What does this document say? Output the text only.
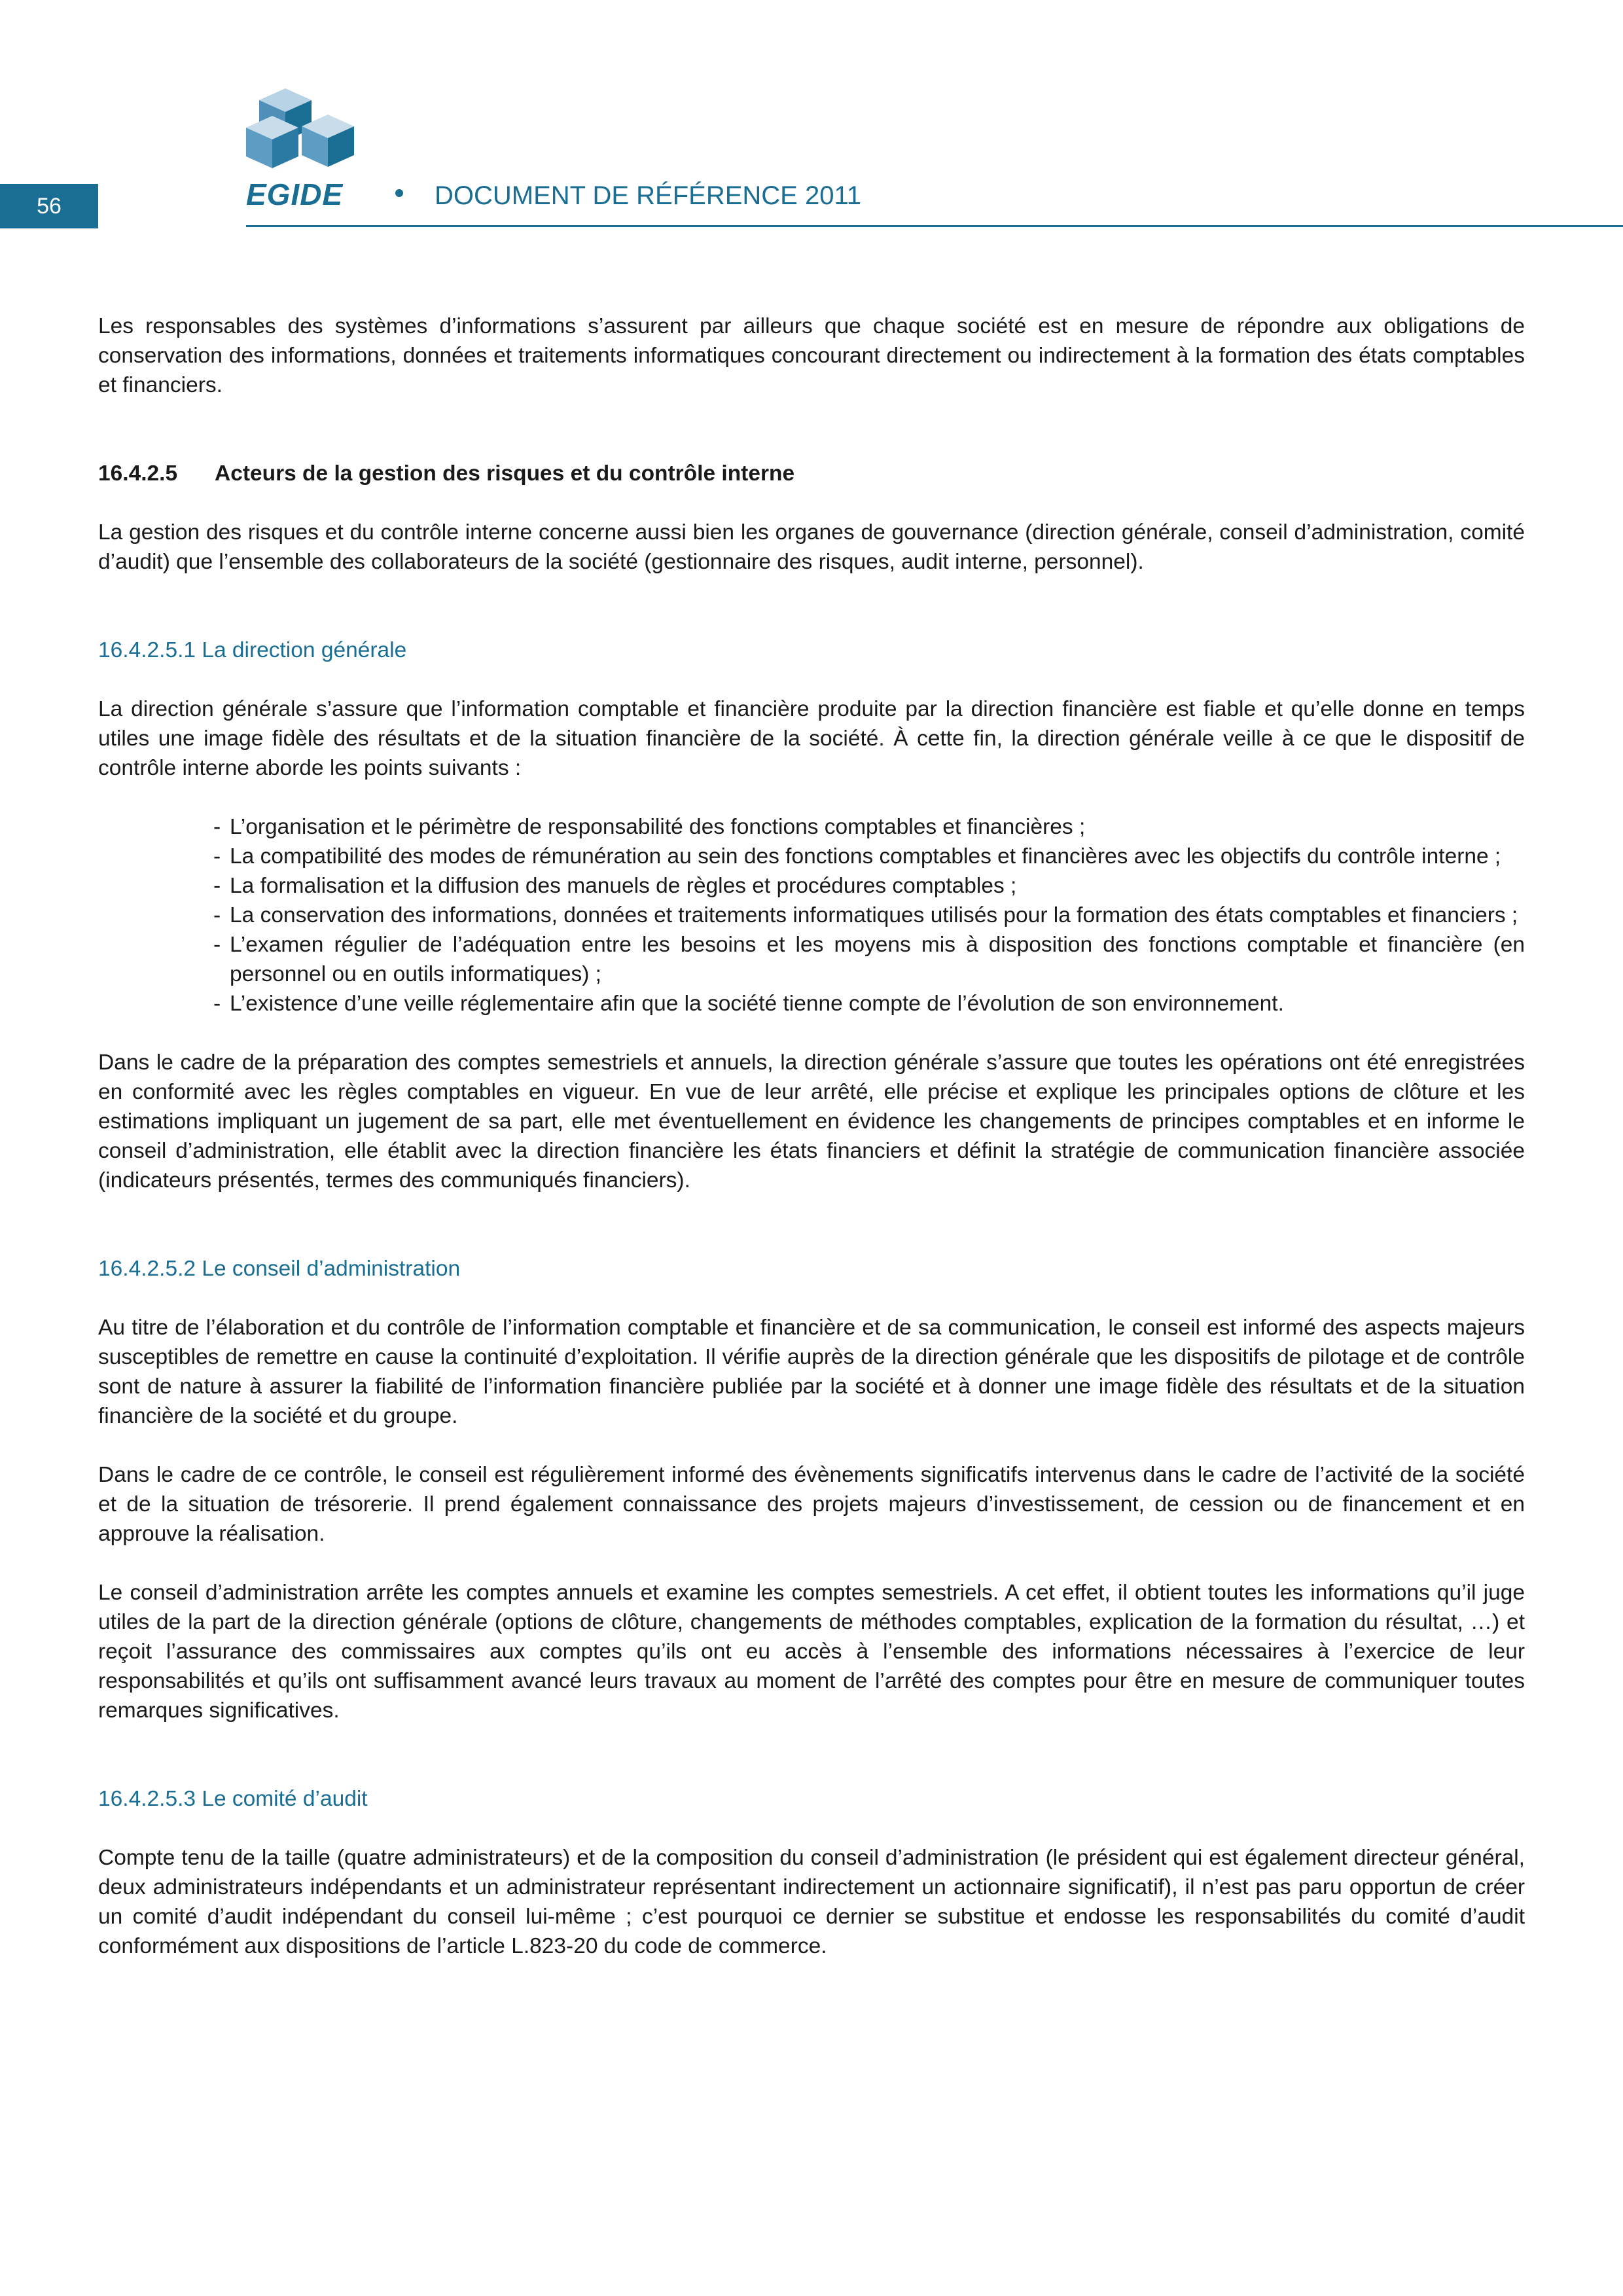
56	EGIDE	DOCUMENT DE RÉFÉRENCE 2011

Les responsables des systèmes d’informations s’assurent par ailleurs que chaque société est en mesure de répondre aux obligations de conservation des informations, données et traitements informatiques concourant directement ou indirectement à la formation des états comptables et financiers.

16.4.2.5 Acteurs de la gestion des risques et du contrôle interne

La gestion des risques et du contrôle interne concerne aussi bien les organes de gouvernance (direction générale, conseil d’administration, comité d’audit) que l’ensemble des collaborateurs de la société (gestionnaire des risques, audit interne, personnel).

16.4.2.5.1 La direction générale

La direction générale s’assure que l’information comptable et financière produite par la direction financière est fiable et qu’elle donne en temps utiles une image fidèle des résultats et de la situation financière de la société. À cette fin, la direction générale veille à ce que le dispositif de contrôle interne aborde les points suivants :

- L’organisation et le périmètre de responsabilité des fonctions comptables et financières ;
- La compatibilité des modes de rémunération au sein des fonctions comptables et financières avec les objectifs du contrôle interne ;
- La formalisation et la diffusion des manuels de règles et procédures comptables ;
- La conservation des informations, données et traitements informatiques utilisés pour la formation des états comptables et financiers ;
- L’examen régulier de l’adéquation entre les besoins et les moyens mis à disposition des fonctions comptable et financière (en personnel ou en outils informatiques) ;
- L’existence d’une veille réglementaire afin que la société tienne compte de l’évolution de son environnement.

Dans le cadre de la préparation des comptes semestriels et annuels, la direction générale s’assure que toutes les opérations ont été enregistrées en conformité avec les règles comptables en vigueur. En vue de leur arrêté, elle précise et explique les principales options de clôture et les estimations impliquant un jugement de sa part, elle met éventuellement en évidence les changements de principes comptables et en informe le conseil d’administration, elle établit avec la direction financière les états financiers et définit la stratégie de communication financière associée (indicateurs présentés, termes des communiqués financiers).

16.4.2.5.2 Le conseil d’administration

Au titre de l’élaboration et du contrôle de l’information comptable et financière et de sa communication, le conseil est informé des aspects majeurs susceptibles de remettre en cause la continuité d’exploitation. Il vérifie auprès de la direction générale que les dispositifs de pilotage et de contrôle sont de nature à assurer la fiabilité de l’information financière publiée par la société et à donner une image fidèle des résultats et de la situation financière de la société et du groupe.

Dans le cadre de ce contrôle, le conseil est régulièrement informé des évènements significatifs intervenus dans le cadre de l’activité de la société et de la situation de trésorerie. Il prend également connaissance des projets majeurs d’investissement, de cession ou de financement et en approuve la réalisation.

Le conseil d’administration arrête les comptes annuels et examine les comptes semestriels. A cet effet, il obtient toutes les informations qu’il juge utiles de la part de la direction générale (options de clôture, changements de méthodes comptables, explication de la formation du résultat, …) et reçoit l’assurance des commissaires aux comptes qu’ils ont eu accès à l’ensemble des informations nécessaires à l’exercice de leur responsabilités et qu’ils ont suffisamment avancé leurs travaux au moment de l’arrêté des comptes pour être en mesure de communiquer toutes remarques significatives.

16.4.2.5.3 Le comité d’audit

Compte tenu de la taille (quatre administrateurs) et de la composition du conseil d’administration (le président qui est également directeur général, deux administrateurs indépendants et un administrateur représentant indirectement un actionnaire significatif), il n’est pas paru opportun de créer un comité d’audit indépendant du conseil lui-même ; c’est pourquoi ce dernier se substitue et endosse les responsabilités du comité d’audit conformément aux dispositions de l’article L.823-20 du code de commerce.
